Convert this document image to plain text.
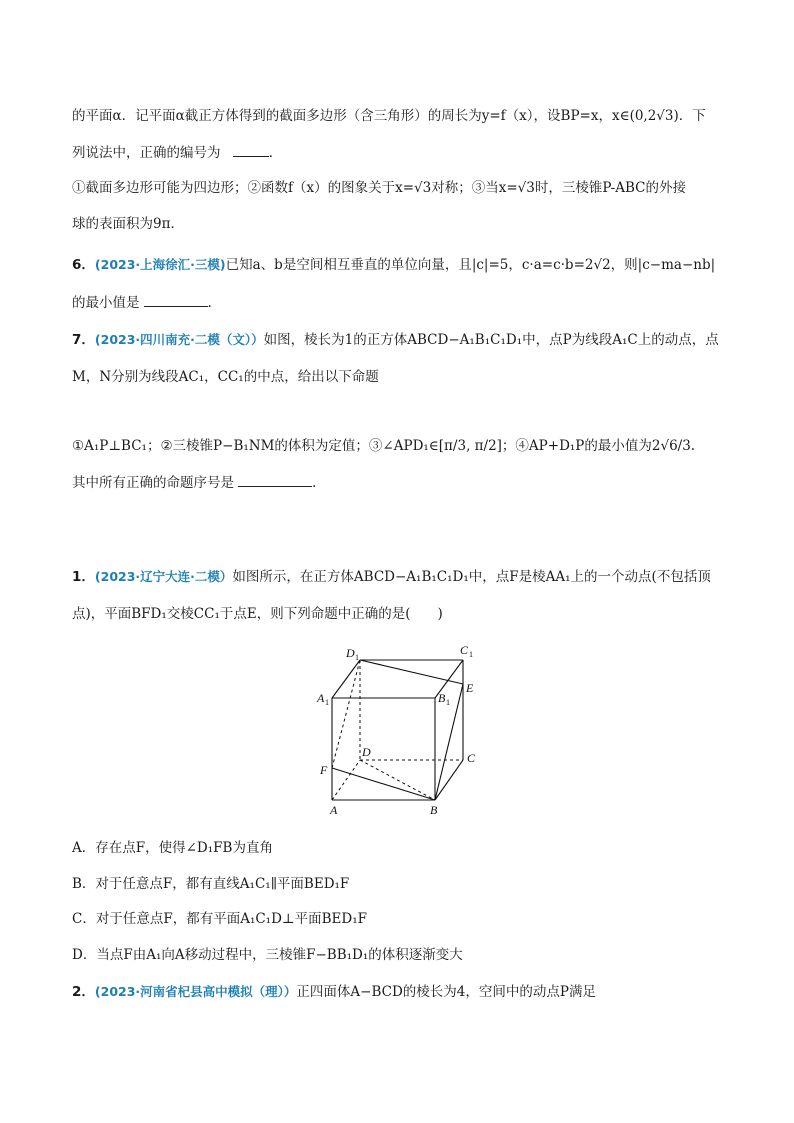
的平面α．记平面α截正方体得到的截面多边形（含三角形）的周长为y=f（x），设BP=x，x∈(0,2√3)．下
列说法中，正确的编号为	．
①截面多边形可能为四边形；②函数f（x）的图象关于x=√3对称；③当x=√3时，三棱锥P-ABC的外接
球的表面积为9π．
6．(2023·上海徐汇·三模)已知a、b是空间相互垂直的单位向量，且|c|=5，c·a=c·b=2√2，则|c−ma−nb|
的最小值是	.
7．(2023·四川南充·二模（文））如图，棱长为1的正方体ABCD−A₁B₁C₁D₁中，点P为线段A₁C上的动点，点
M，N分别为线段AC₁，CC₁的中点，给出以下命题
①A₁P⊥BC₁；②三棱锥P−B₁NM的体积为定值；③∠APD₁∈[π/3, π/2]；④AP+D₁P的最小值为2√6/3.
其中所有正确的命题序号是	.
1．(2023·辽宁大连·二模）如图所示，在正方体ABCD−A₁B₁C₁D₁中，点F是棱AA₁上的一个动点(不包括顶
点)，平面BFD₁交棱CC₁于点E，则下列命题中正确的是(　　)
D 1
C 1
A 1	B 1
E
D	C
F
A	B
A．存在点F，使得∠D₁FB为直角
B．对于任意点F，都有直线A₁C₁∥平面BED₁F
C．对于任意点F，都有平面A₁C₁D⊥平面BED₁F
D．当点F由A₁向A移动过程中，三棱锥F−BB₁D₁的体积逐渐变大
2．(2023·河南省杞县高中模拟（理））正四面体A−BCD的棱长为4，空间中的动点P满足
